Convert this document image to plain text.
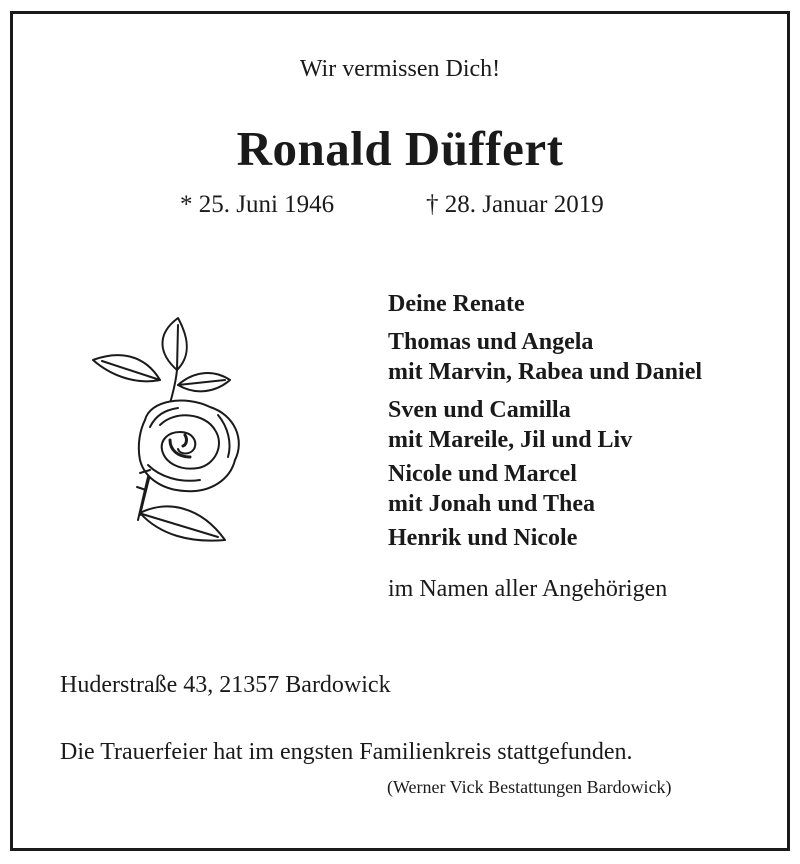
Wir vermissen Dich!
Ronald Düffert
* 25. Juni 1946	† 28. Januar 2019
Deine Renate
Thomas und Angela
mit Marvin, Rabea und Daniel
Sven und Camilla
mit Mareile, Jil und Liv
Nicole und Marcel
mit Jonah und Thea
Henrik und Nicole
im Namen aller Angehörigen
Huderstraße 43, 21357 Bardowick
Die Trauerfeier hat im engsten Familienkreis stattgefunden.
(Werner Vick Bestattungen Bardowick)
